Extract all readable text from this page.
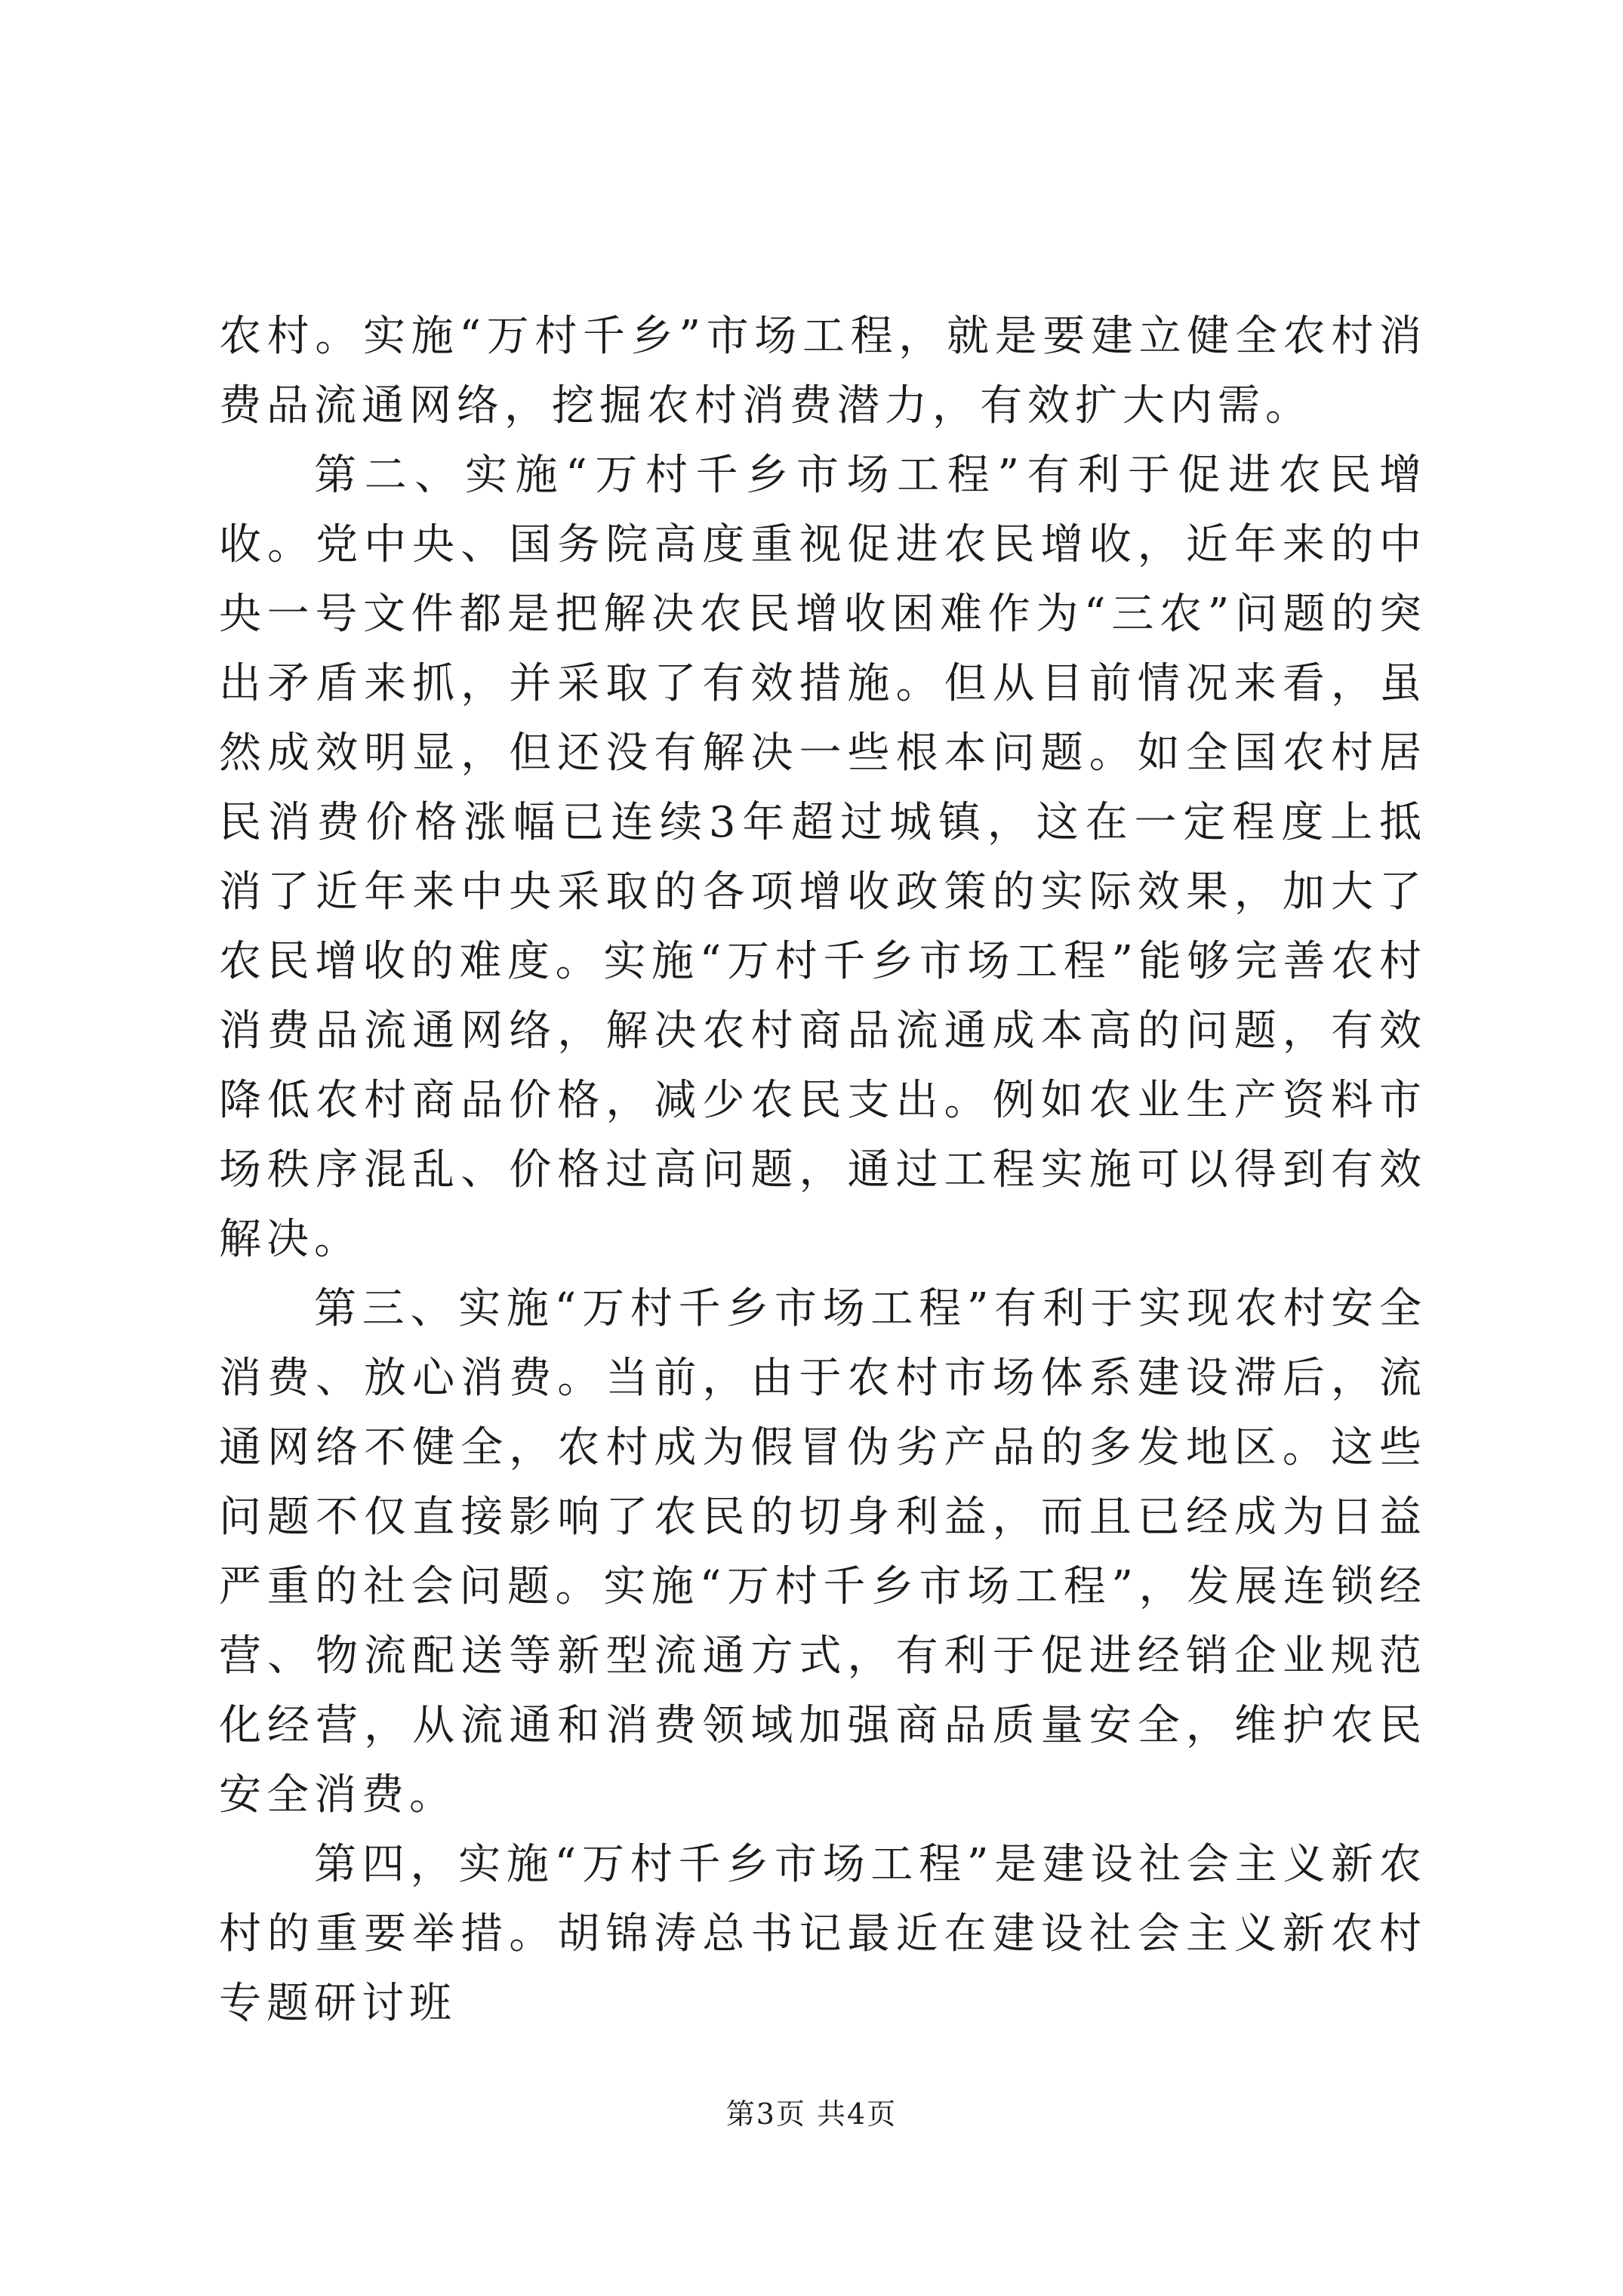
农村。实施“万村千乡”市场工程，就是要建立健全农村消费品流通网络，挖掘农村消费潜力，有效扩大内需。

第二、实施“万村千乡市场工程”有利于促进农民增收。党中央、国务院高度重视促进农民增收，近年来的中央一号文件都是把解决农民增收困难作为“三农”问题的突出矛盾来抓，并采取了有效措施。但从目前情况来看，虽然成效明显，但还没有解决一些根本问题。如全国农村居民消费价格涨幅已连续3年超过城镇，这在一定程度上抵消了近年来中央采取的各项增收政策的实际效果，加大了农民增收的难度。实施“万村千乡市场工程”能够完善农村消费品流通网络，解决农村商品流通成本高的问题，有效降低农村商品价格，减少农民支出。例如农业生产资料市场秩序混乱、价格过高问题，通过工程实施可以得到有效解决。

第三、实施“万村千乡市场工程”有利于实现农村安全消费、放心消费。当前，由于农村市场体系建设滞后，流通网络不健全，农村成为假冒伪劣产品的多发地区。这些问题不仅直接影响了农民的切身利益，而且已经成为日益严重的社会问题。实施“万村千乡市场工程”，发展连锁经营、物流配送等新型流通方式，有利于促进经销企业规范化经营，从流通和消费领域加强商品质量安全，维护农民安全消费。

第四，实施“万村千乡市场工程”是建设社会主义新农村的重要举措。胡锦涛总书记最近在建设社会主义新农村专题研讨班

第3页 共4页
